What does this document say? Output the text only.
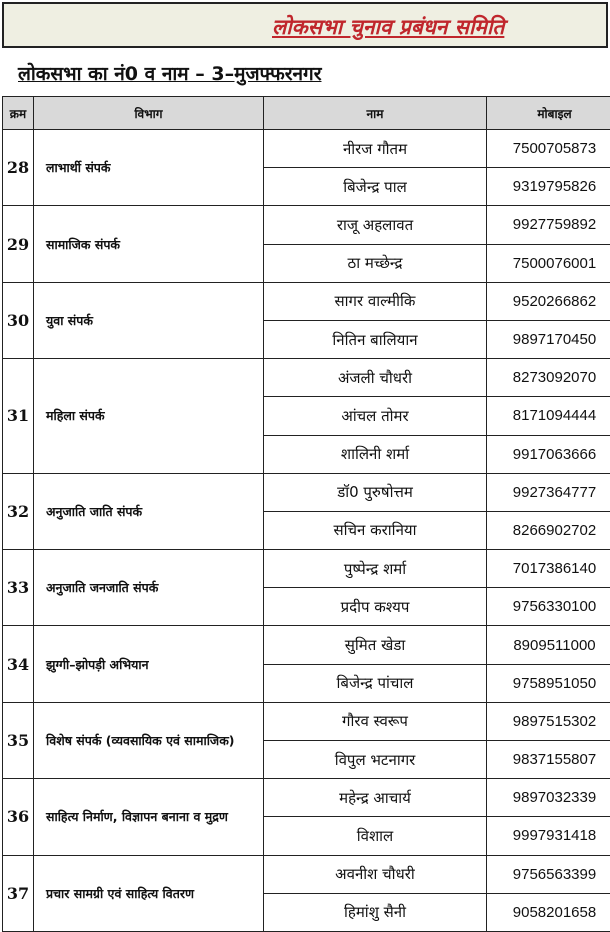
लोकसभा चुनाव प्रबंधन समिति
लोकसभा का नं0 व नाम – 3–मुजफ्फरनगर
क्रम	विभाग	नाम	मोबाइल
28	लाभार्थी संपर्क	नीरज गौतम	7500705873
		बिजेन्द्र पाल	9319795826
29	सामाजिक संपर्क	राजू अहलावत	9927759892
		ठा मच्छेन्द्र	7500076001
30	युवा संपर्क	सागर वाल्मीकि	9520266862
		नितिन बालियान	9897170450
31	महिला संपर्क	अंजली चौधरी	8273092070
		आंचल तोमर	8171094444
		शालिनी शर्मा	9917063666
32	अनुजाति जाति संपर्क	डॉ0 पुरुषोत्तम	9927364777
		सचिन करानिया	8266902702
33	अनुजाति जनजाति संपर्क	पुष्पेन्द्र शर्मा	7017386140
		प्रदीप कश्यप	9756330100
34	झुग्गी–झोपड़ी अभियान	सुमित खेडा	8909511000
		बिजेन्द्र पांचाल	9758951050
35	विशेष संपर्क (व्यवसायिक एवं सामाजिक)	गौरव स्वरूप	9897515302
		विपुल भटनागर	9837155807
36	साहित्य निर्माण, विज्ञापन बनाना व मुद्रण	महेन्द्र आचार्य	9897032339
		विशाल	9997931418
37	प्रचार सामग्री एवं साहित्य वितरण	अवनीश चौधरी	9756563399
		हिमांशु सैनी	9058201658
